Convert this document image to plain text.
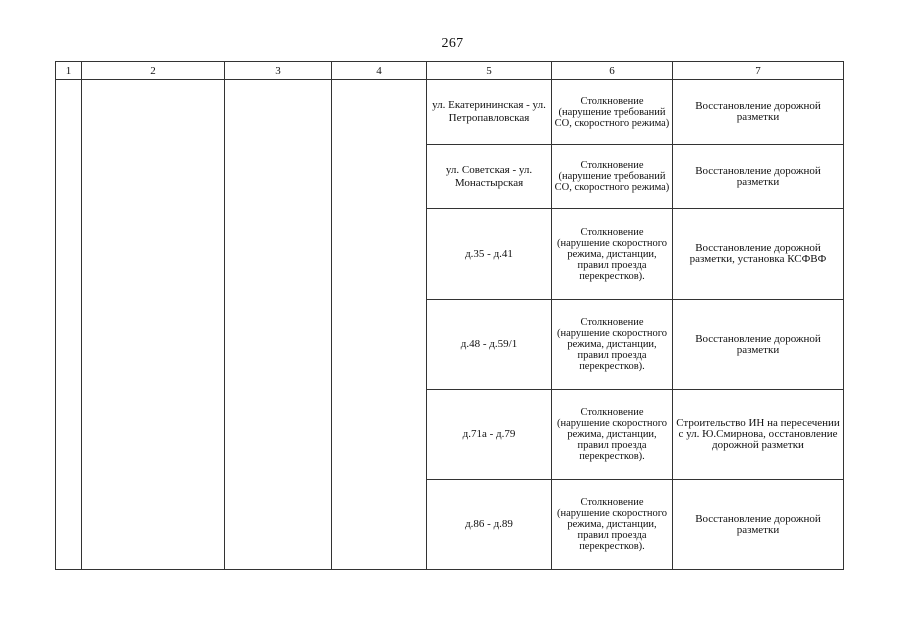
267
1	2	3	4	5	6	7
				ул. Екатерининская - ул. Петропавловская	Столкновение (нарушение требований СО, скоростного режима)	Восстановление дорожной разметки
				ул. Советская - ул. Монастырская	Столкновение (нарушение требований СО, скоростного режима)	Восстановление дорожной разметки
				д.35 - д.41	Столкновение (нарушение скоростного режима, дистанции, правил проезда перекрестков).	Восстановление дорожной разметки, установка КСФВФ
				д.48 - д.59/1	Столкновение (нарушение скоростного режима, дистанции, правил проезда перекрестков).	Восстановление дорожной разметки
				д.71а - д.79	Столкновение (нарушение скоростного режима, дистанции, правил проезда перекрестков).	Строительство ИН на пересечении с ул. Ю.Смирнова, осстановление дорожной разметки
				д.86 - д.89	Столкновение (нарушение скоростного режима, дистанции, правил проезда перекрестков).	Восстановление дорожной разметки
